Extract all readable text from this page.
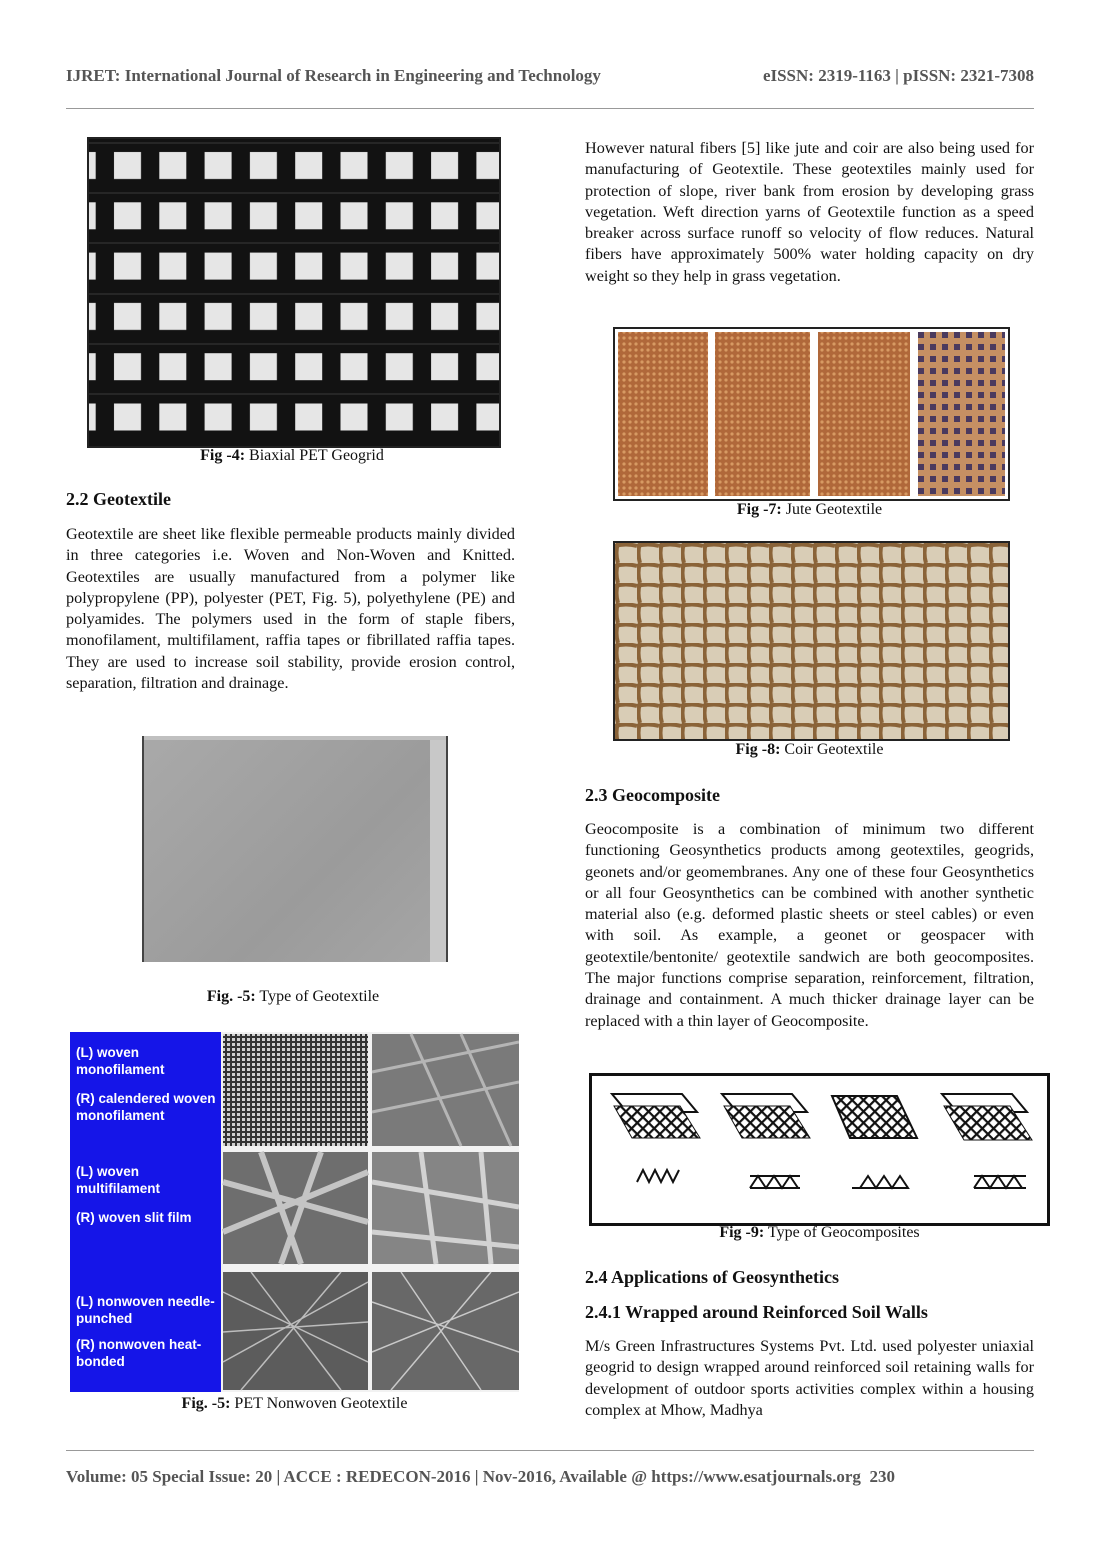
IJRET: International Journal of Research in Engineering and Technology	eISSN: 2319-1163 | pISSN: 2321-7308
Fig -4: Biaxial PET Geogrid
2.2 Geotextile

Geotextile are sheet like flexible permeable products mainly divided in three categories i.e. Woven and Non-Woven and Knitted. Geotextiles are usually manufactured from a polymer like polypropylene (PP), polyester (PET, Fig. 5), polyethylene (PE) and polyamides. The polymers used in the form of staple fibers, monofilament, multifilament, raffia tapes or fibrillated raffia tapes. They are used to increase soil stability, provide erosion control, separation, filtration and drainage.

Fig. -5: Type of Geotextile
(L) woven monofilament
(R) calendered woven monofilament
(L) woven multifilament
(R) woven slit film
(L) nonwoven needle-punched
(R) nonwoven heat-bonded
Fig. -5: PET Nonwoven Geotextile

However natural fibers [5] like jute and coir are also being used for manufacturing of Geotextile. These geotextiles mainly used for protection of slope, river bank from erosion by developing grass vegetation. Weft direction yarns of Geotextile function as a speed breaker across surface runoff so velocity of flow reduces. Natural fibers have approximately 500% water holding capacity on dry weight so they help in grass vegetation.

Fig -7: Jute Geotextile
Fig -8: Coir Geotextile
2.3 Geocomposite

Geocomposite is a combination of minimum two different functioning Geosynthetics products among geotextiles, geogrids, geonets and/or geomembranes. Any one of these four Geosynthetics or all four Geosynthetics can be combined with another synthetic material also (e.g. deformed plastic sheets or steel cables) or even with soil. As example, a geonet or geospacer with geotextile/bentonite/ geotextile sandwich are both geocomposites. The major functions comprise separation, reinforcement, filtration, drainage and containment. A much thicker drainage layer can be replaced with a thin layer of Geocomposite.

Fig -9: Type of Geocomposites
2.4 Applications of Geosynthetics
2.4.1 Wrapped around Reinforced Soil Walls

M/s Green Infrastructures Systems Pvt. Ltd. used polyester uniaxial geogrid to design wrapped around reinforced soil retaining walls for development of outdoor sports activities complex within a housing complex at Mhow, Madhya

Volume: 05 Special Issue: 20 | ACCE : REDECON-2016 | Nov-2016, Available @ https://www.esatjournals.org 230
